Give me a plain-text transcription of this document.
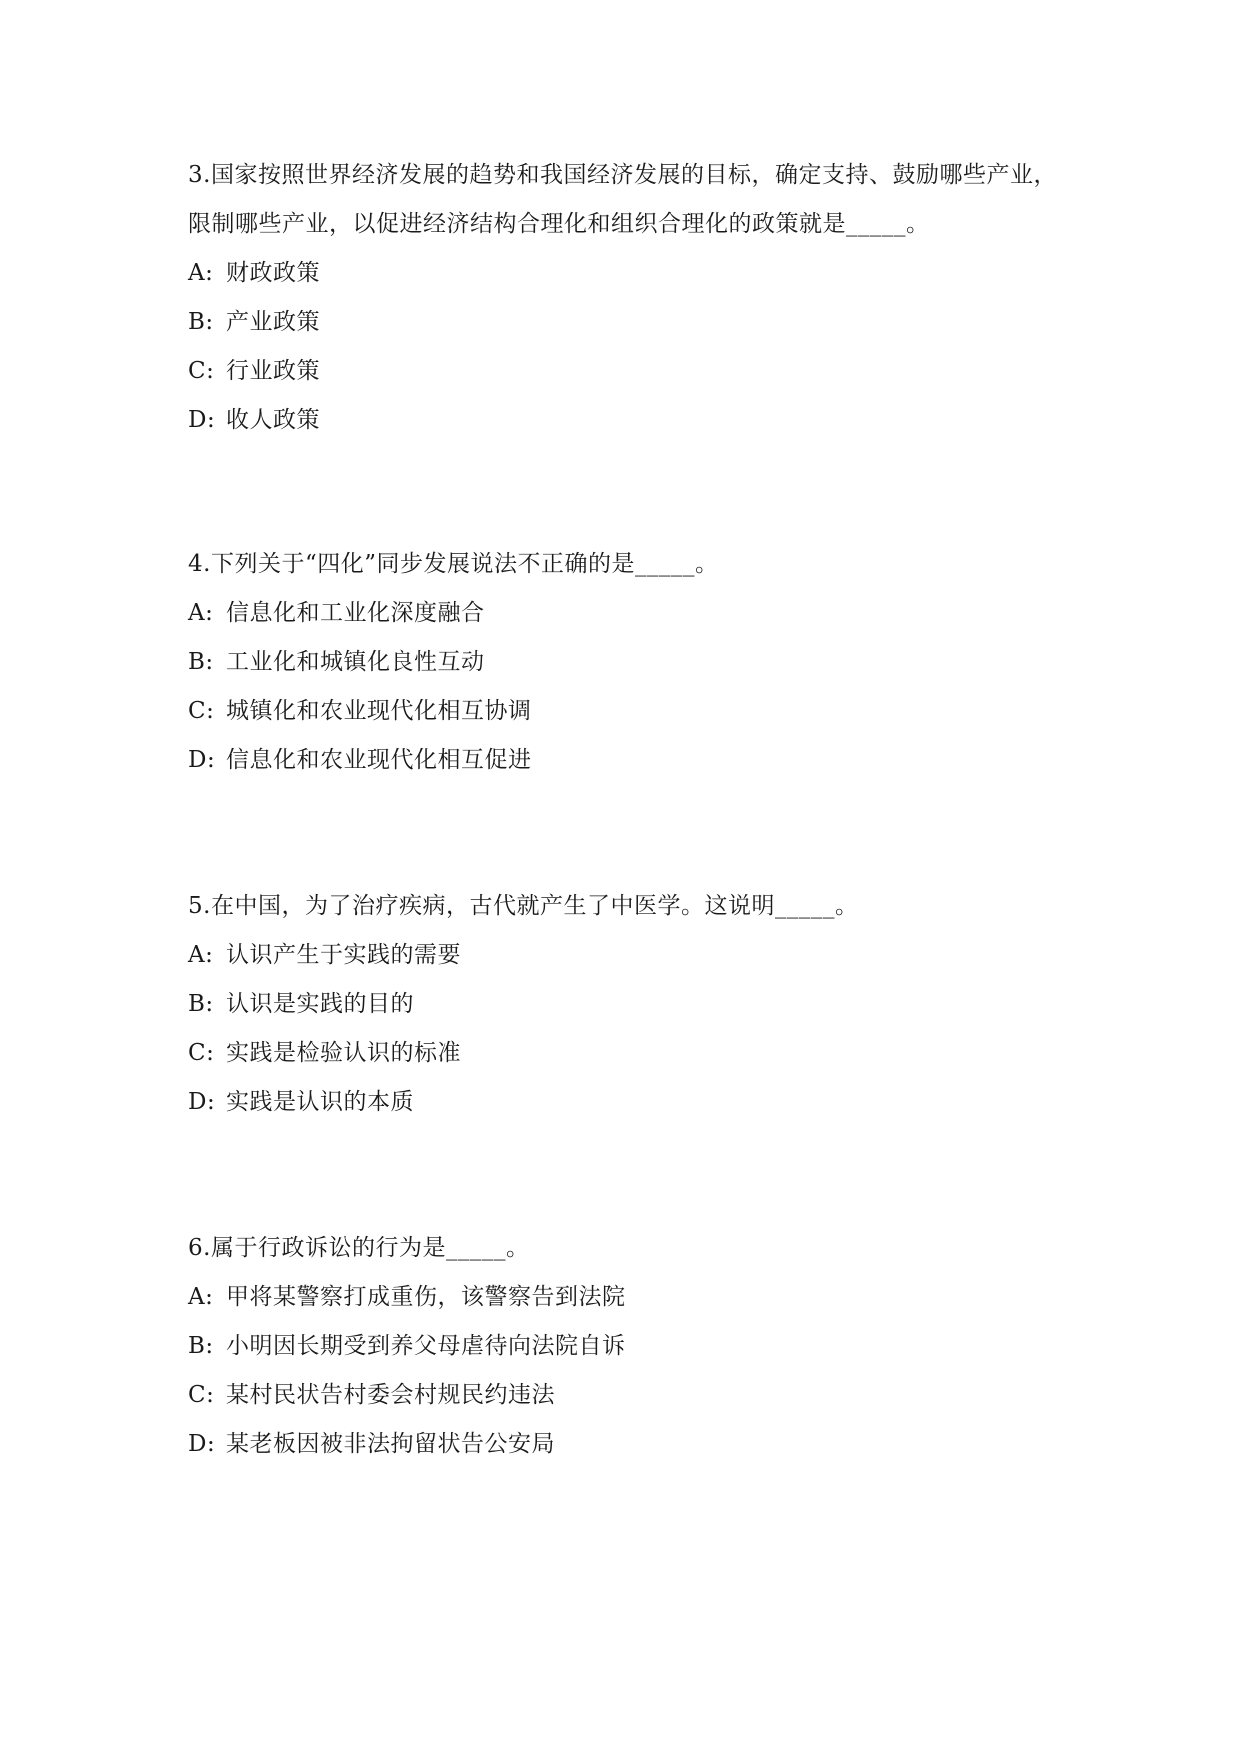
3.国家按照世界经济发展的趋势和我国经济发展的目标，确定支持、鼓励哪些产业，限制哪些产业，以促进经济结构合理化和组织合理化的政策就是_____。

A: 财政政策

B: 产业政策

C: 行业政策

D: 收人政策

4.下列关于“四化”同步发展说法不正确的是_____。

A: 信息化和工业化深度融合

B: 工业化和城镇化良性互动

C: 城镇化和农业现代化相互协调

D: 信息化和农业现代化相互促进

5.在中国，为了治疗疾病，古代就产生了中医学。这说明_____。

A: 认识产生于实践的需要

B: 认识是实践的目的

C: 实践是检验认识的标准

D: 实践是认识的本质

6.属于行政诉讼的行为是_____。

A: 甲将某警察打成重伤，该警察告到法院

B: 小明因长期受到养父母虐待向法院自诉

C: 某村民状告村委会村规民约违法

D: 某老板因被非法拘留状告公安局
